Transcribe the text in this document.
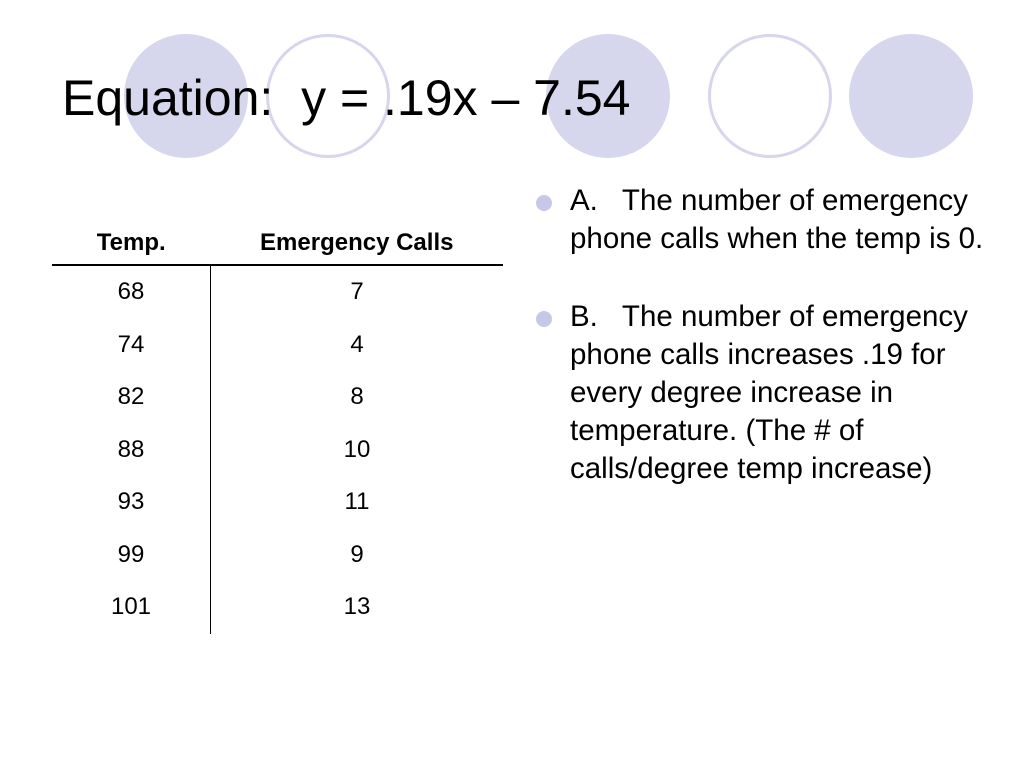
Equation:  y = .19x – 7.54
Temp.	Emergency Calls
68	7
74	4
82	8
88	10
93	11
99	9
101	13
A.   The number of emergency phone calls when the temp is 0.
B.   The number of emergency phone calls increases .19 for every degree increase in temperature. (The # of calls/degree temp increase)
